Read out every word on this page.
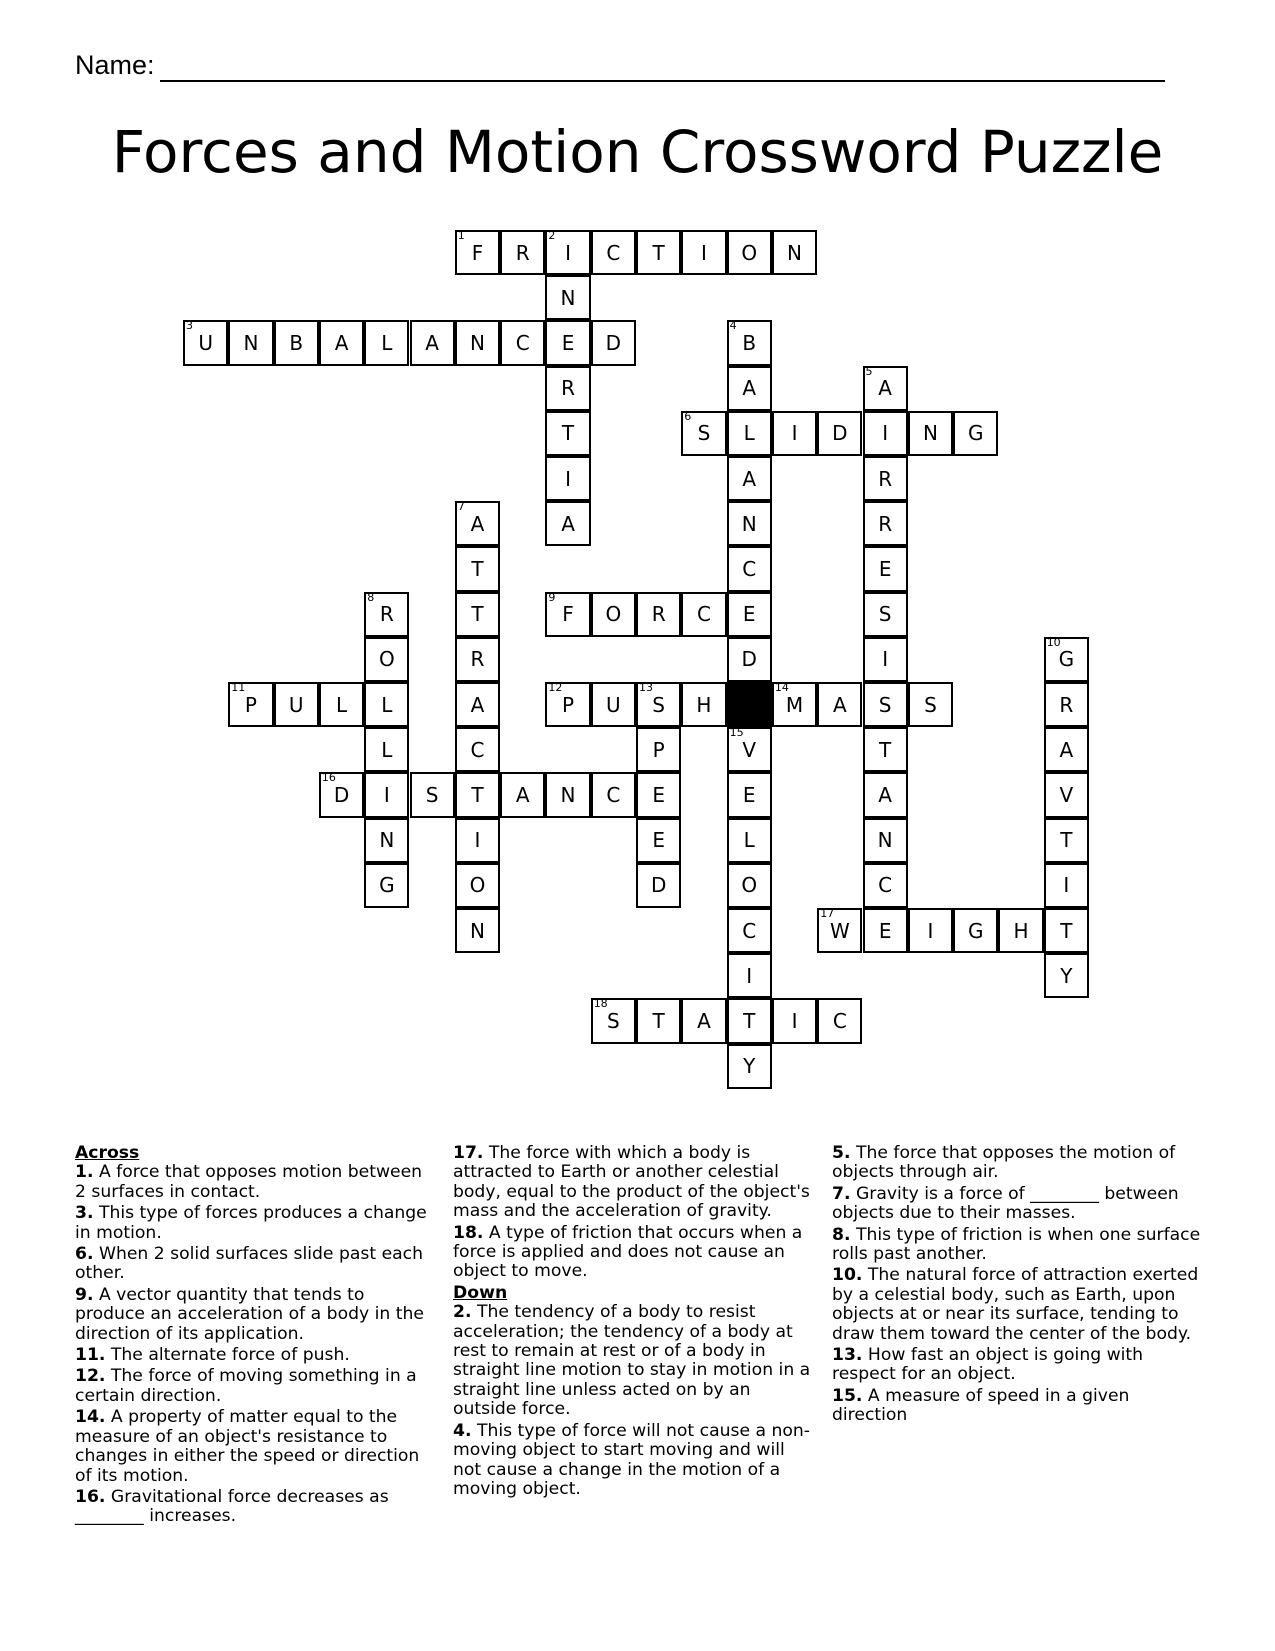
Name:
Forces and Motion Crossword Puzzle
1
F	R
2
I	C	T	I	O	N
N
3
U	N	B	A	L	A	N	C	E	D
4
B
R	A
5
A
T
6
S	L	I	D	I	N	G
I	A	R
7
A	A	N	R
T	C	E
8
R	T
9
F	O	R	C	E	S
O	R	D	I
10
G
11
P	U	L	L	A
12
P	U
13
S	H
14
M	A	S	S	R
L	C	P
15
V	T	A
16
D	I	S	T	A	N	C	E	E	A	V
N	I	E	L	N	T
G	O	D	O	C	I
N	C
17
W	E	I	G	H	T
I	Y
18
S	T	A	T	I	C
Y
Across
1. A force that opposes motion between 2 surfaces in contact.
3. This type of forces produces a change in motion.
6. When 2 solid surfaces slide past each other.
9. A vector quantity that tends to produce an acceleration of a body in the direction of its application.
11. The alternate force of push.
12. The force of moving something in a certain direction.
14. A property of matter equal to the measure of an object's resistance to changes in either the speed or direction of its motion.
16. Gravitational force decreases as ________ increases.
17. The force with which a body is attracted to Earth or another celestial body, equal to the product of the object's mass and the acceleration of gravity.
18. A type of friction that occurs when a force is applied and does not cause an object to move.
Down
2. The tendency of a body to resist acceleration; the tendency of a body at rest to remain at rest or of a body in straight line motion to stay in motion in a straight line unless acted on by an outside force.
4. This type of force will not cause a non-moving object to start moving and will not cause a change in the motion of a moving object.
5. The force that opposes the motion of objects through air.
7. Gravity is a force of ________ between objects due to their masses.
8. This type of friction is when one surface rolls past another.
10. The natural force of attraction exerted by a celestial body, such as Earth, upon objects at or near its surface, tending to draw them toward the center of the body.
13. How fast an object is going with respect for an object.
15. A measure of speed in a given direction
